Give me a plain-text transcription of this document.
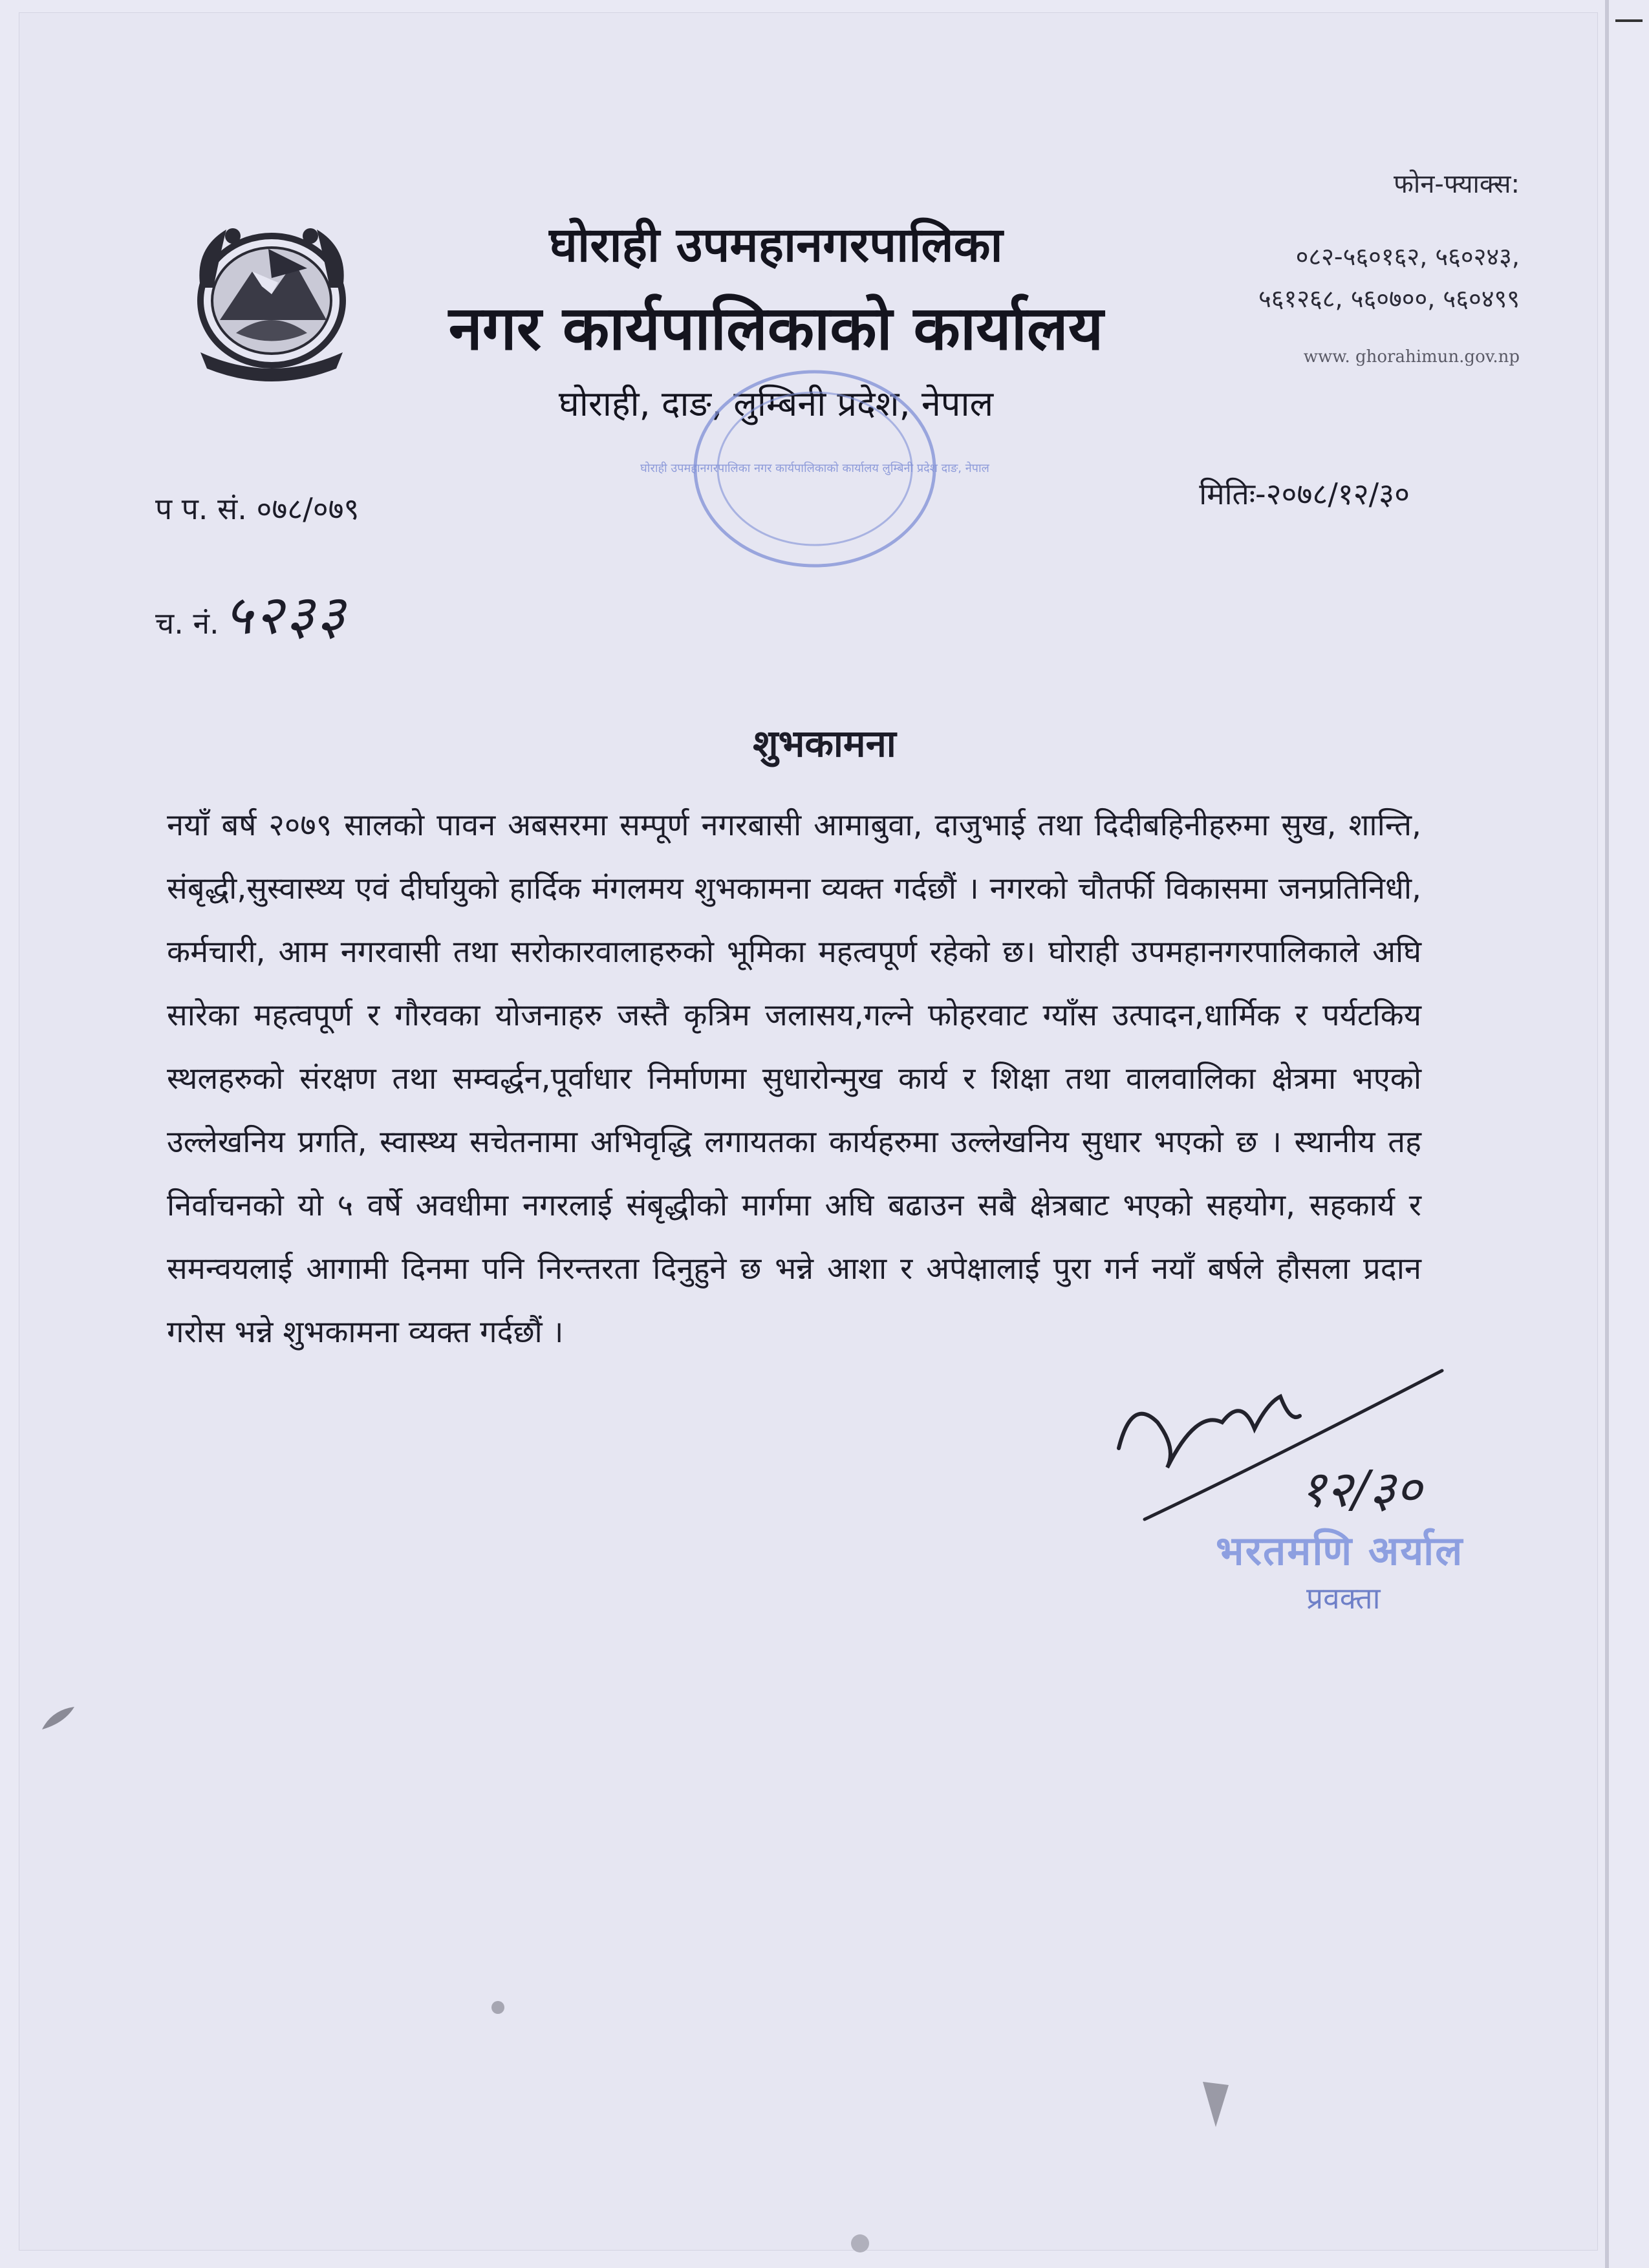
घोराही उपमहानगरपालिका
नगर कार्यपालिकाको कार्यालय
घोराही, दाङ, लुम्बिनी प्रदेश, नेपाल
फोन-फ्याक्स:
०८२-५६०१६२, ५६०२४३,
५६१२६८, ५६०७००, ५६०४९९
www. ghorahimun.gov.np
घोराही उपमहानगरपालिका नगर कार्यपालिकाको कार्यालय लुम्बिनी प्रदेश दाङ, नेपाल
प प. सं. ०७८/०७९	मितिः-२०७८/१२/३०
च. नं.५२३३
शुभकामना
नयाँ बर्ष २०७९ सालको पावन अबसरमा सम्पूर्ण नगरबासी आमाबुवा, दाजुभाई तथा दिदीबहिनीहरुमा सुख, शान्ति, संबृद्धी,सुस्वास्थ्य एवं दीर्घायुको हार्दिक मंगलमय शुभकामना व्यक्त गर्दछौं । नगरको चौतर्फी विकासमा जनप्रतिनिधी, कर्मचारी, आम नगरवासी तथा सरोकारवालाहरुको भूमिका महत्वपूर्ण रहेको छ। घोराही उपमहानगरपालिकाले अघि सारेका महत्वपूर्ण र गौरवका योजनाहरु जस्तै कृत्रिम जलासय,गल्ने फोहरवाट ग्याँस उत्पादन,धार्मिक र पर्यटकिय स्थलहरुको संरक्षण तथा सम्वर्द्धन,पूर्वाधार निर्माणमा सुधारोन्मुख कार्य र शिक्षा तथा वालवालिका क्षेत्रमा भएको उल्लेखनिय प्रगति, स्वास्थ्य सचेतनामा अभिवृद्धि लगायतका कार्यहरुमा उल्लेखनिय सुधार भएको छ । स्थानीय तह निर्वाचनको यो ५ वर्षे अवधीमा नगरलाई संबृद्धीको मार्गमा अघि बढाउन सबै क्षेत्रबाट भएको सहयोग, सहकार्य र समन्वयलाई आगामी दिनमा पनि निरन्तरता दिनुहुने छ भन्ने आशा र अपेक्षालाई पुरा गर्न नयाँ बर्षले हौसला प्रदान गरोस भन्ने शुभकामना व्यक्त गर्दछौं ।
१२/३०
भरतमणि अर्याल
प्रवक्ता
